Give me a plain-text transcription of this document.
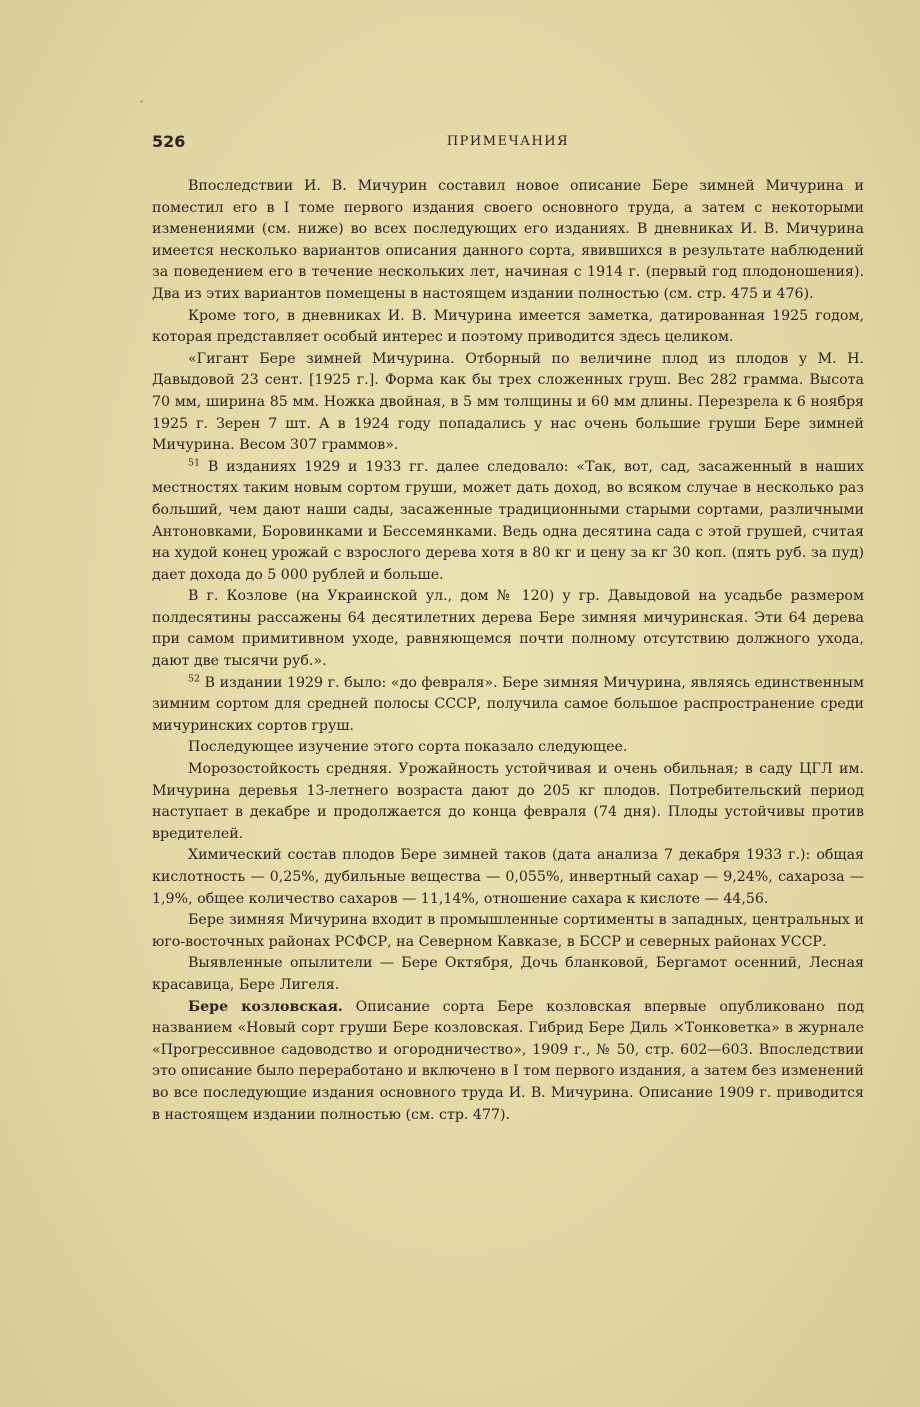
526	ПРИМЕЧАНИЯ

Впоследствии И. В. Мичурин составил новое описание Бере зимней Мичурина и поместил его в I томе первого издания своего основного труда, а затем с некоторыми изменениями (см. ниже) во всех последующих его изданиях. В дневниках И. В. Мичурина имеется несколько вариантов описания данного сорта, явившихся в результате наблюдений за поведением его в течение нескольких лет, начиная с 1914 г. (первый год плодоношения). Два из этих вариантов помещены в настоящем издании полностью (см. стр. 475 и 476).

Кроме того, в дневниках И. В. Мичурина имеется заметка, датированная 1925 годом, которая представляет особый интерес и поэтому приводится здесь целиком.

«Гигант Бере зимней Мичурина. Отборный по величине плод из плодов у М. Н. Давыдовой 23 сент. [1925 г.]. Форма как бы трех сложенных груш. Вес 282 грамма. Высота 70 мм, ширина 85 мм. Ножка двойная, в 5 мм толщины и 60 мм длины. Перезрела к 6 ноября 1925 г. Зерен 7 шт. А в 1924 году попадались у нас очень большие груши Бере зимней Мичурина. Весом 307 граммов».

$^{51}$ В изданиях 1929 и 1933 гг. далее следовало: «Так, вот, сад, засаженный в наших местностях таким новым сортом груши, может дать доход, во всяком случае в несколько раз больший, чем дают наши сады, засаженные традиционными старыми сортами, различными Антоновками, Боровинками и Бессемянками. Ведь одна десятина сада с этой грушей, считая на худой конец урожай с взрослого дерева хотя в 80 кг и цену за кг 30 коп. (пять руб. за пуд) дает дохода до 5 000 рублей и больше.

В г. Козлове (на Украинской ул., дом № 120) у гр. Давыдовой на усадьбе размером полдесятины рассажены 64 десятилетних дерева Бере зимняя мичуринская. Эти 64 дерева при самом примитивном уходе, равняющемся почти полному отсутствию должного ухода, дают две тысячи руб.».

$^{52}$ В издании 1929 г. было: «до февраля». Бере зимняя Мичурина, являясь единственным зимним сортом для средней полосы СССР, получила самое большое распространение среди мичуринских сортов груш.

Последующее изучение этого сорта показало следующее.

Морозостойкость средняя. Урожайность устойчивая и очень обильная; в саду ЦГЛ им. Мичурина деревья 13-летнего возраста дают до 205 кг плодов. Потребительский период наступает в декабре и продолжается до конца февраля (74 дня). Плоды устойчивы против вредителей.

Химический состав плодов Бере зимней таков (дата анализа 7 декабря 1933 г.): общая кислотность — 0,25%, дубильные вещества — 0,055%, инвертный сахар — 9,24%, сахароза — 1,9%, общее количество сахаров — 11,14%, отношение сахара к кислоте — 44,56.

Бере зимняя Мичурина входит в промышленные сортименты в западных, центральных и юго-восточных районах РСФСР, на Северном Кавказе, в БССР и северных районах УССР.

Выявленные опылители — Бере Октября, Дочь бланковой, Бергамот осенний, Лесная красавица, Бере Лигеля.

Бере козловская. Описание сорта Бере козловская впервые опубликовано под названием «Новый сорт груши Бере козловская. Гибрид Бере Диль ×Тонковетка» в журнале «Прогрессивное садоводство и огородничество», 1909 г., № 50, стр. 602—603. Впоследствии это описание было переработано и включено в I том первого издания, а затем без изменений во все последующие издания основного труда И. В. Мичурина. Описание 1909 г. приводится в настоящем издании полностью (см. стр. 477).
